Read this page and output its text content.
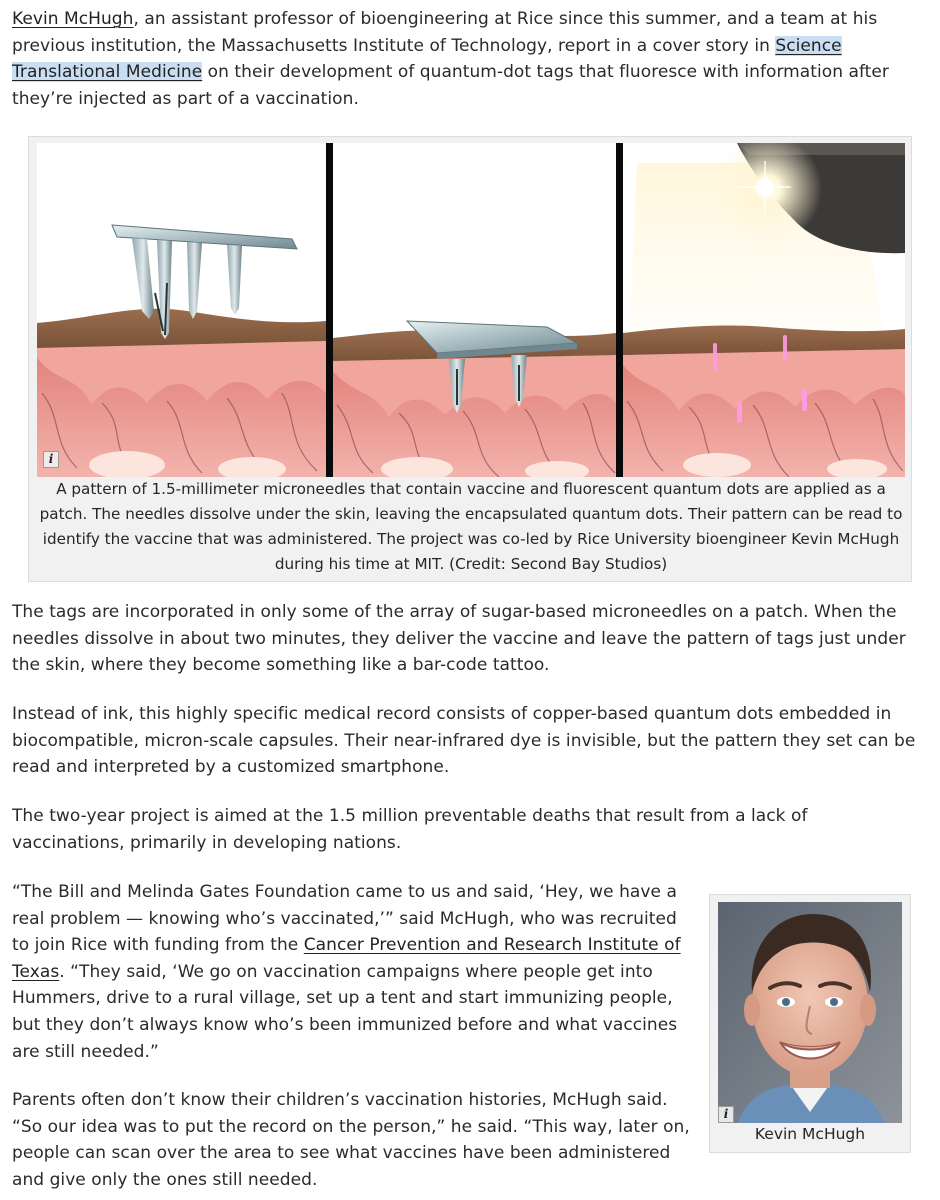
Kevin McHugh, an assistant professor of bioengineering at Rice since this summer, and a team at his previous institution, the Massachusetts Institute of Technology, report in a cover story in Science Translational Medicine on their development of quantum-dot tags that fluoresce with information after they’re injected as part of a vaccination.

i

A pattern of 1.5-millimeter microneedles that contain vaccine and fluorescent quantum dots are applied as a patch. The needles dissolve under the skin, leaving the encapsulated quantum dots. Their pattern can be read to identify the vaccine that was administered. The project was co-led by Rice University bioengineer Kevin McHugh during his time at MIT. (Credit: Second Bay Studios)

The tags are incorporated in only some of the array of sugar-based microneedles on a patch. When the needles dissolve in about two minutes, they deliver the vaccine and leave the pattern of tags just under the skin, where they become something like a bar-code tattoo.

Instead of ink, this highly specific medical record consists of copper-based quantum dots embedded in biocompatible, micron-scale capsules. Their near-infrared dye is invisible, but the pattern they set can be read and interpreted by a customized smartphone.

The two-year project is aimed at the 1.5 million preventable deaths that result from a lack of vaccinations, primarily in developing nations.

“The Bill and Melinda Gates Foundation came to us and said, ‘Hey, we have a real problem — knowing who’s vaccinated,’” said McHugh, who was recruited to join Rice with funding from the Cancer Prevention and Research Institute of Texas. “They said, ‘We go on vaccination campaigns where people get into Hummers, drive to a rural village, set up a tent and start immunizing people, but they don’t always know who’s been immunized before and what vaccines are still needed.”

Parents often don’t know their children’s vaccination histories, McHugh said. “So our idea was to put the record on the person,” he said. “This way, later on, people can scan over the area to see what vaccines have been administered and give only the ones still needed.

i
Kevin McHugh
